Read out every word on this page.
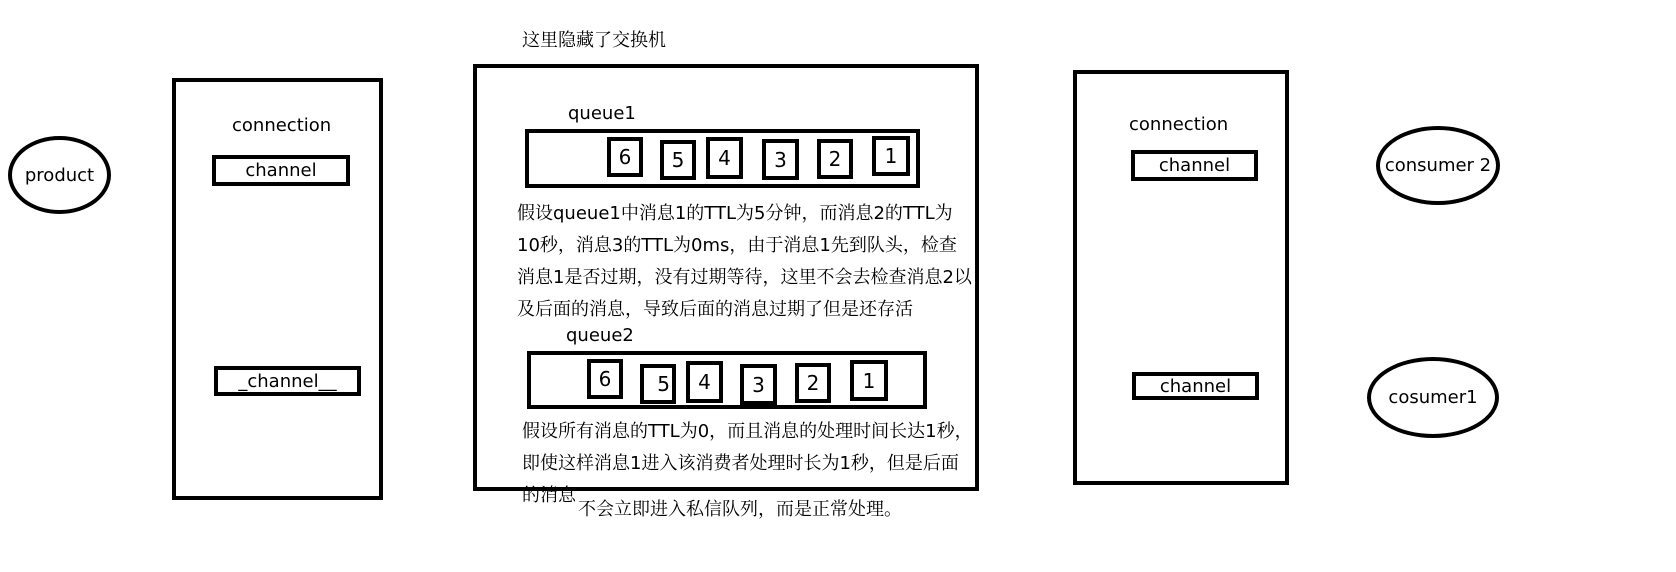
这里隐藏了交换机
product
connection
channel
_channel__
queue1
6 5 4 3 2 1
假设queue1中消息1的TTL为5分钟，而消息2的TTL为
10秒，消息3的TTL为0ms，由于消息1先到队头，检查
消息1是否过期，没有过期等待，这里不会去检查消息2以
及后面的消息，导致后面的消息过期了但是还存活
queue2
6 5 4 3 2 1
假设所有消息的TTL为0，而且消息的处理时间长达1秒，
即使这样消息1进入该消费者处理时长为1秒，但是后面
的消息
不会立即进入私信队列，而是正常处理。
connection
channel
channel
consumer 2
cosumer1
